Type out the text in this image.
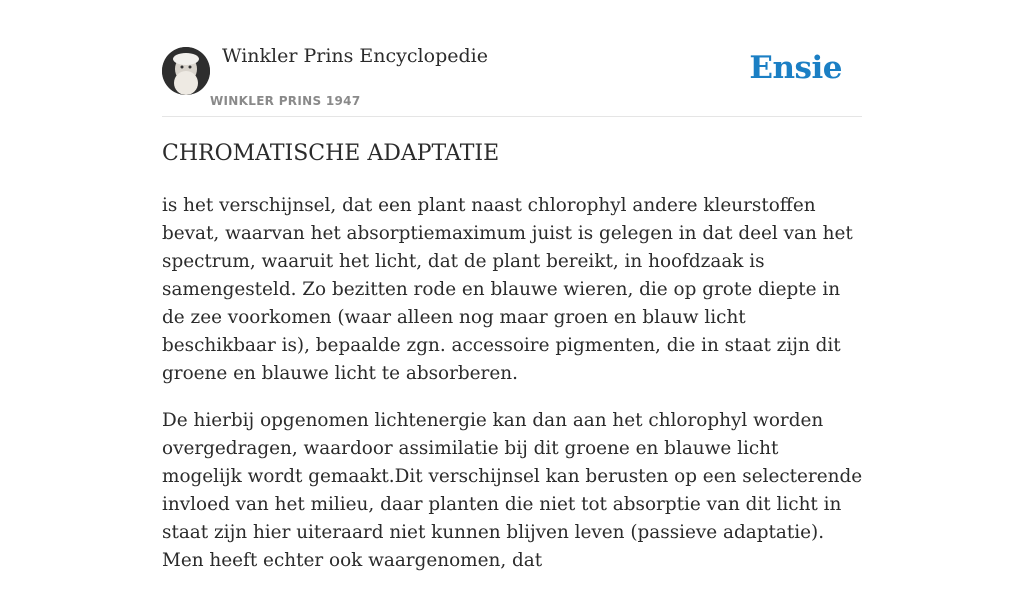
Winkler Prins Encyclopedie
WINKLER PRINS 1947
Ensie
CHROMATISCHE ADAPTATIE

is het verschijnsel, dat een plant naast chlorophyl andere kleurstoffen bevat, waarvan het absorptiemaximum juist is gelegen in dat deel van het spectrum, waaruit het licht, dat de plant bereikt, in hoofdzaak is samengesteld. Zo bezitten rode en blauwe wieren, die op grote diepte in de zee voorkomen (waar alleen nog maar groen en blauw licht beschikbaar is), bepaalde zgn. accessoire pigmenten, die in staat zijn dit groene en blauwe licht te absorberen.

De hierbij opgenomen lichtenergie kan dan aan het chlorophyl worden overgedragen, waardoor assimilatie bij dit groene en blauwe licht mogelijk wordt gemaakt.Dit verschijnsel kan berusten op een selecterende invloed van het milieu, daar planten die niet tot absorptie van dit licht in staat zijn hier uiteraard niet kunnen blijven leven (passieve adaptatie). Men heeft echter ook waargenomen, dat
